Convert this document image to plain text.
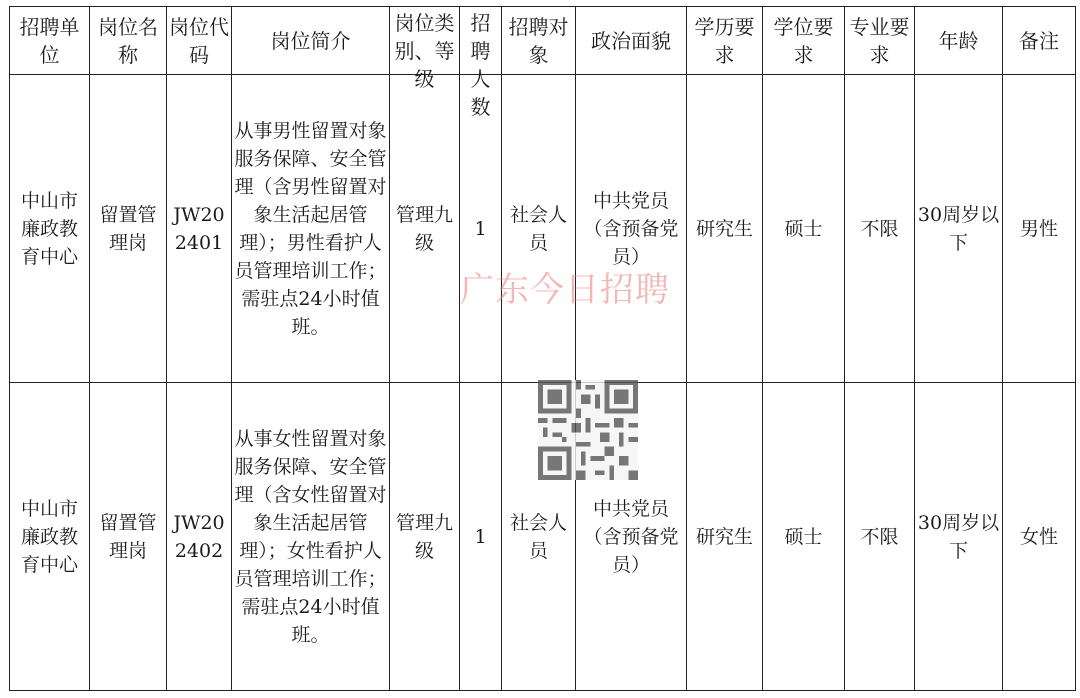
招聘单位	岗位名称	岗位代码	岗位简介	岗位类别、等级	招聘人数	招聘对象	政治面貌	学历要求	学位要求	专业要求	年龄	备注
中山市廉政教育中心	留置管理岗	JW202401	从事男性留置对象服务保障、安全管理（含男性留置对象生活起居管理）；男性看护人员管理培训工作；需驻点24小时值班。	管理九级	1	社会人员	中共党员（含预备党员）	研究生	硕士	不限	30周岁以下	男性
中山市廉政教育中心	留置管理岗	JW202402	从事女性留置对象服务保障、安全管理（含女性留置对象生活起居管理）；女性看护人员管理培训工作；需驻点24小时值班。	管理九级	1	社会人员	中共党员（含预备党员）	研究生	硕士	不限	30周岁以下	女性
广东今日招聘
